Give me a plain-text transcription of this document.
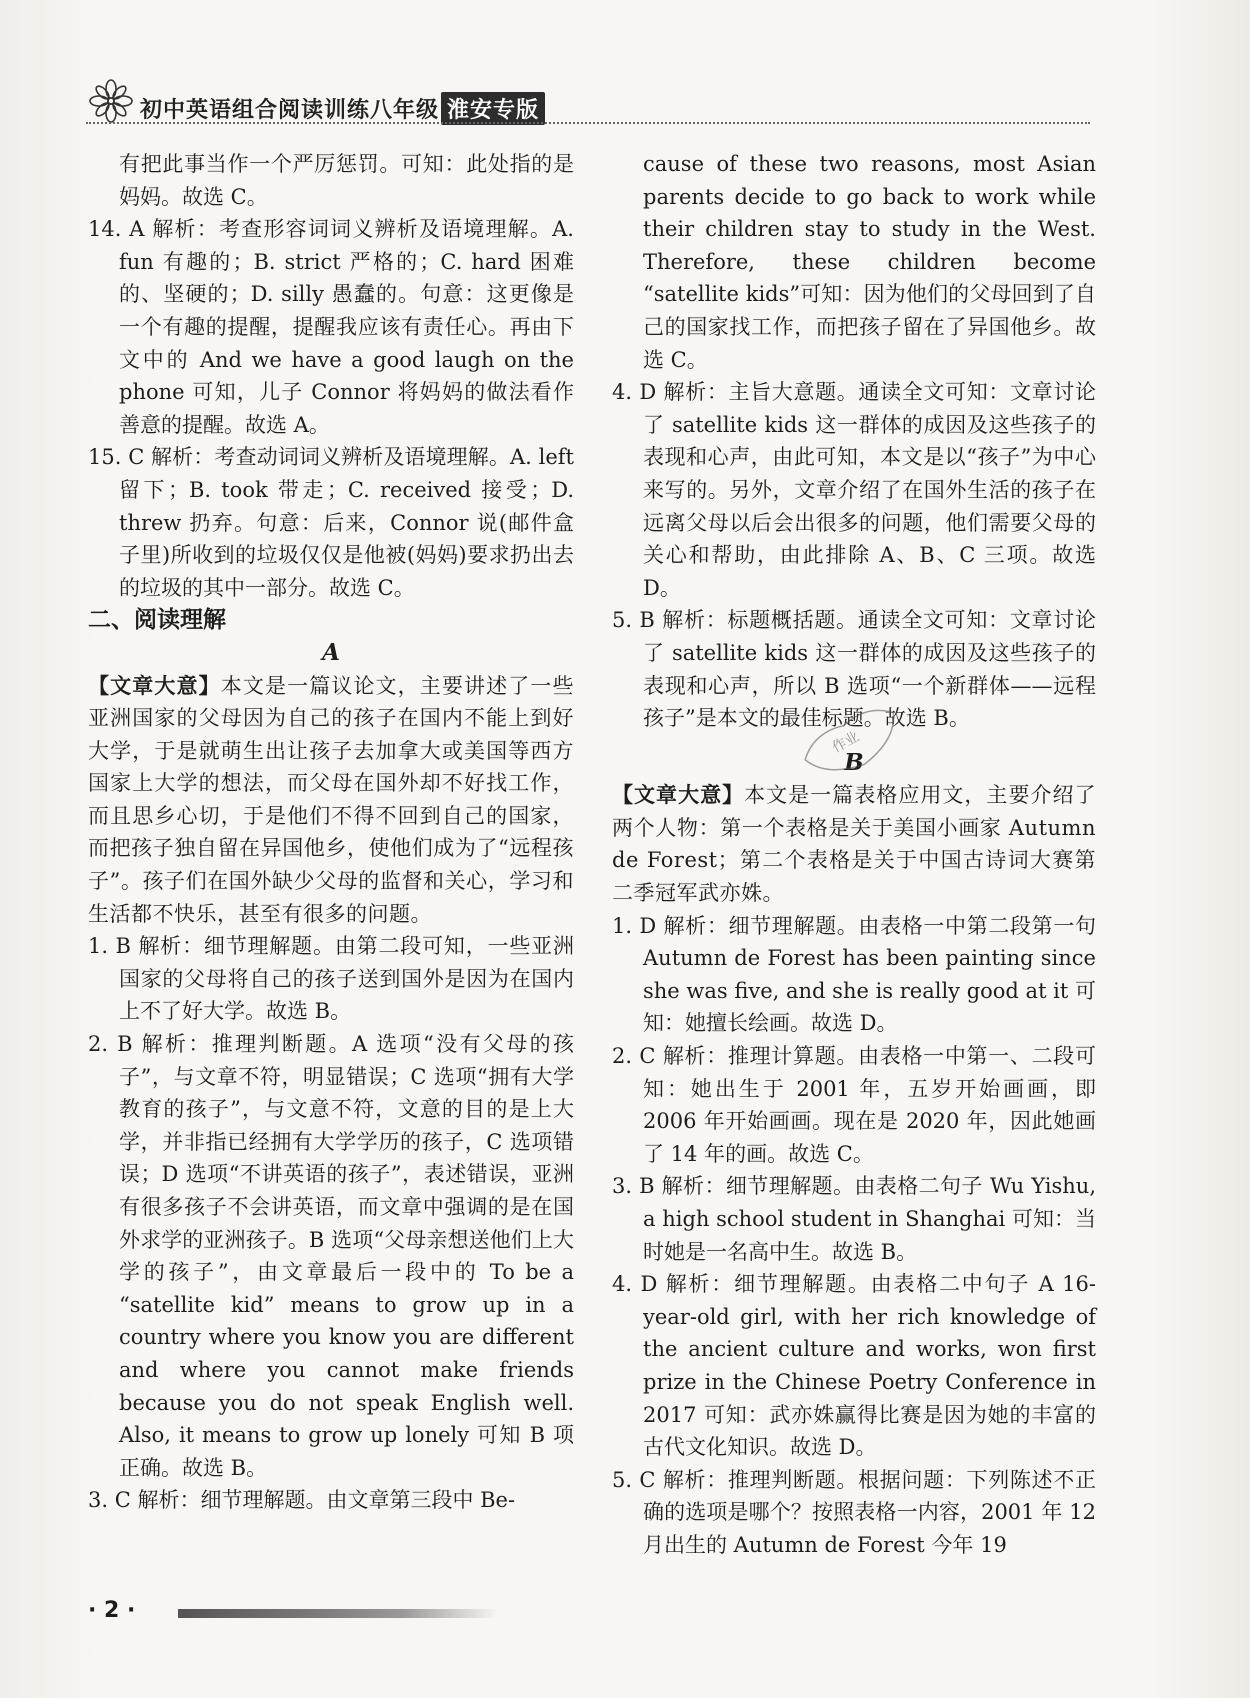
初中英语组合阅读训练八年级 淮安专版

有把此事当作一个严厉惩罚。可知：此处指的是妈妈。故选 C。

14. A 解析：考查形容词词义辨析及语境理解。A. fun 有趣的；B. strict 严格的；C. hard 困难的、坚硬的；D. silly 愚蠢的。句意：这更像是一个有趣的提醒，提醒我应该有责任心。再由下文中的 And we have a good laugh on the phone 可知，儿子 Connor 将妈妈的做法看作善意的提醒。故选 A。

15. C 解析：考查动词词义辨析及语境理解。A. left 留下；B. took 带走；C. received 接受；D. threw 扔弃。句意：后来，Connor 说(邮件盒子里)所收到的垃圾仅仅是他被(妈妈)要求扔出去的垃圾的其中一部分。故选 C。

二、阅读理解

A

【文章大意】本文是一篇议论文，主要讲述了一些亚洲国家的父母因为自己的孩子在国内不能上到好大学，于是就萌生出让孩子去加拿大或美国等西方国家上大学的想法，而父母在国外却不好找工作，而且思乡心切，于是他们不得不回到自己的国家，而把孩子独自留在异国他乡，使他们成为了“远程孩子”。孩子们在国外缺少父母的监督和关心，学习和生活都不快乐，甚至有很多的问题。

1. B 解析：细节理解题。由第二段可知，一些亚洲国家的父母将自己的孩子送到国外是因为在国内上不了好大学。故选 B。

2. B 解析：推理判断题。A 选项“没有父母的孩子”，与文章不符，明显错误；C 选项“拥有大学教育的孩子”，与文意不符，文意的目的是上大学，并非指已经拥有大学学历的孩子，C 选项错误；D 选项“不讲英语的孩子”，表述错误，亚洲有很多孩子不会讲英语，而文章中强调的是在国外求学的亚洲孩子。B 选项“父母亲想送他们上大学的孩子”，由文章最后一段中的 To be a “satellite kid” means to grow up in a country where you know you are different and where you cannot make friends because you do not speak English well. Also, it means to grow up lonely 可知 B 项正确。故选 B。

3. C 解析：细节理解题。由文章第三段中 Be-

cause of these two reasons, most Asian parents decide to go back to work while their children stay to study in the West. Therefore, these children become “satellite kids”可知：因为他们的父母回到了自己的国家找工作，而把孩子留在了异国他乡。故选 C。

4. D 解析：主旨大意题。通读全文可知：文章讨论了 satellite kids 这一群体的成因及这些孩子的表现和心声，由此可知，本文是以“孩子”为中心来写的。另外，文章介绍了在国外生活的孩子在远离父母以后会出很多的问题，他们需要父母的关心和帮助，由此排除 A、B、C 三项。故选 D。

5. B 解析：标题概括题。通读全文可知：文章讨论了 satellite kids 这一群体的成因及这些孩子的表现和心声，所以 B 选项“一个新群体——远程孩子”是本文的最佳标题。故选 B。

B

【文章大意】本文是一篇表格应用文，主要介绍了两个人物：第一个表格是关于美国小画家 Autumn de Forest；第二个表格是关于中国古诗词大赛第二季冠军武亦姝。

1. D 解析：细节理解题。由表格一中第二段第一句 Autumn de Forest has been painting since she was five, and she is really good at it 可知：她擅长绘画。故选 D。

2. C 解析：推理计算题。由表格一中第一、二段可知：她出生于 2001 年，五岁开始画画，即 2006 年开始画画。现在是 2020 年，因此她画了 14 年的画。故选 C。

3. B 解析：细节理解题。由表格二句子 Wu Yishu, a high school student in Shanghai 可知：当时她是一名高中生。故选 B。

4. D 解析：细节理解题。由表格二中句子 A 16-year-old girl, with her rich knowledge of the ancient culture and works, won first prize in the Chinese Poetry Conference in 2017 可知：武亦姝赢得比赛是因为她的丰富的古代文化知识。故选 D。

5. C 解析：推理判断题。根据问题：下列陈述不正确的选项是哪个？按照表格一内容，2001 年 12 月出生的 Autumn de Forest 今年 19

作业
· 2 ·
